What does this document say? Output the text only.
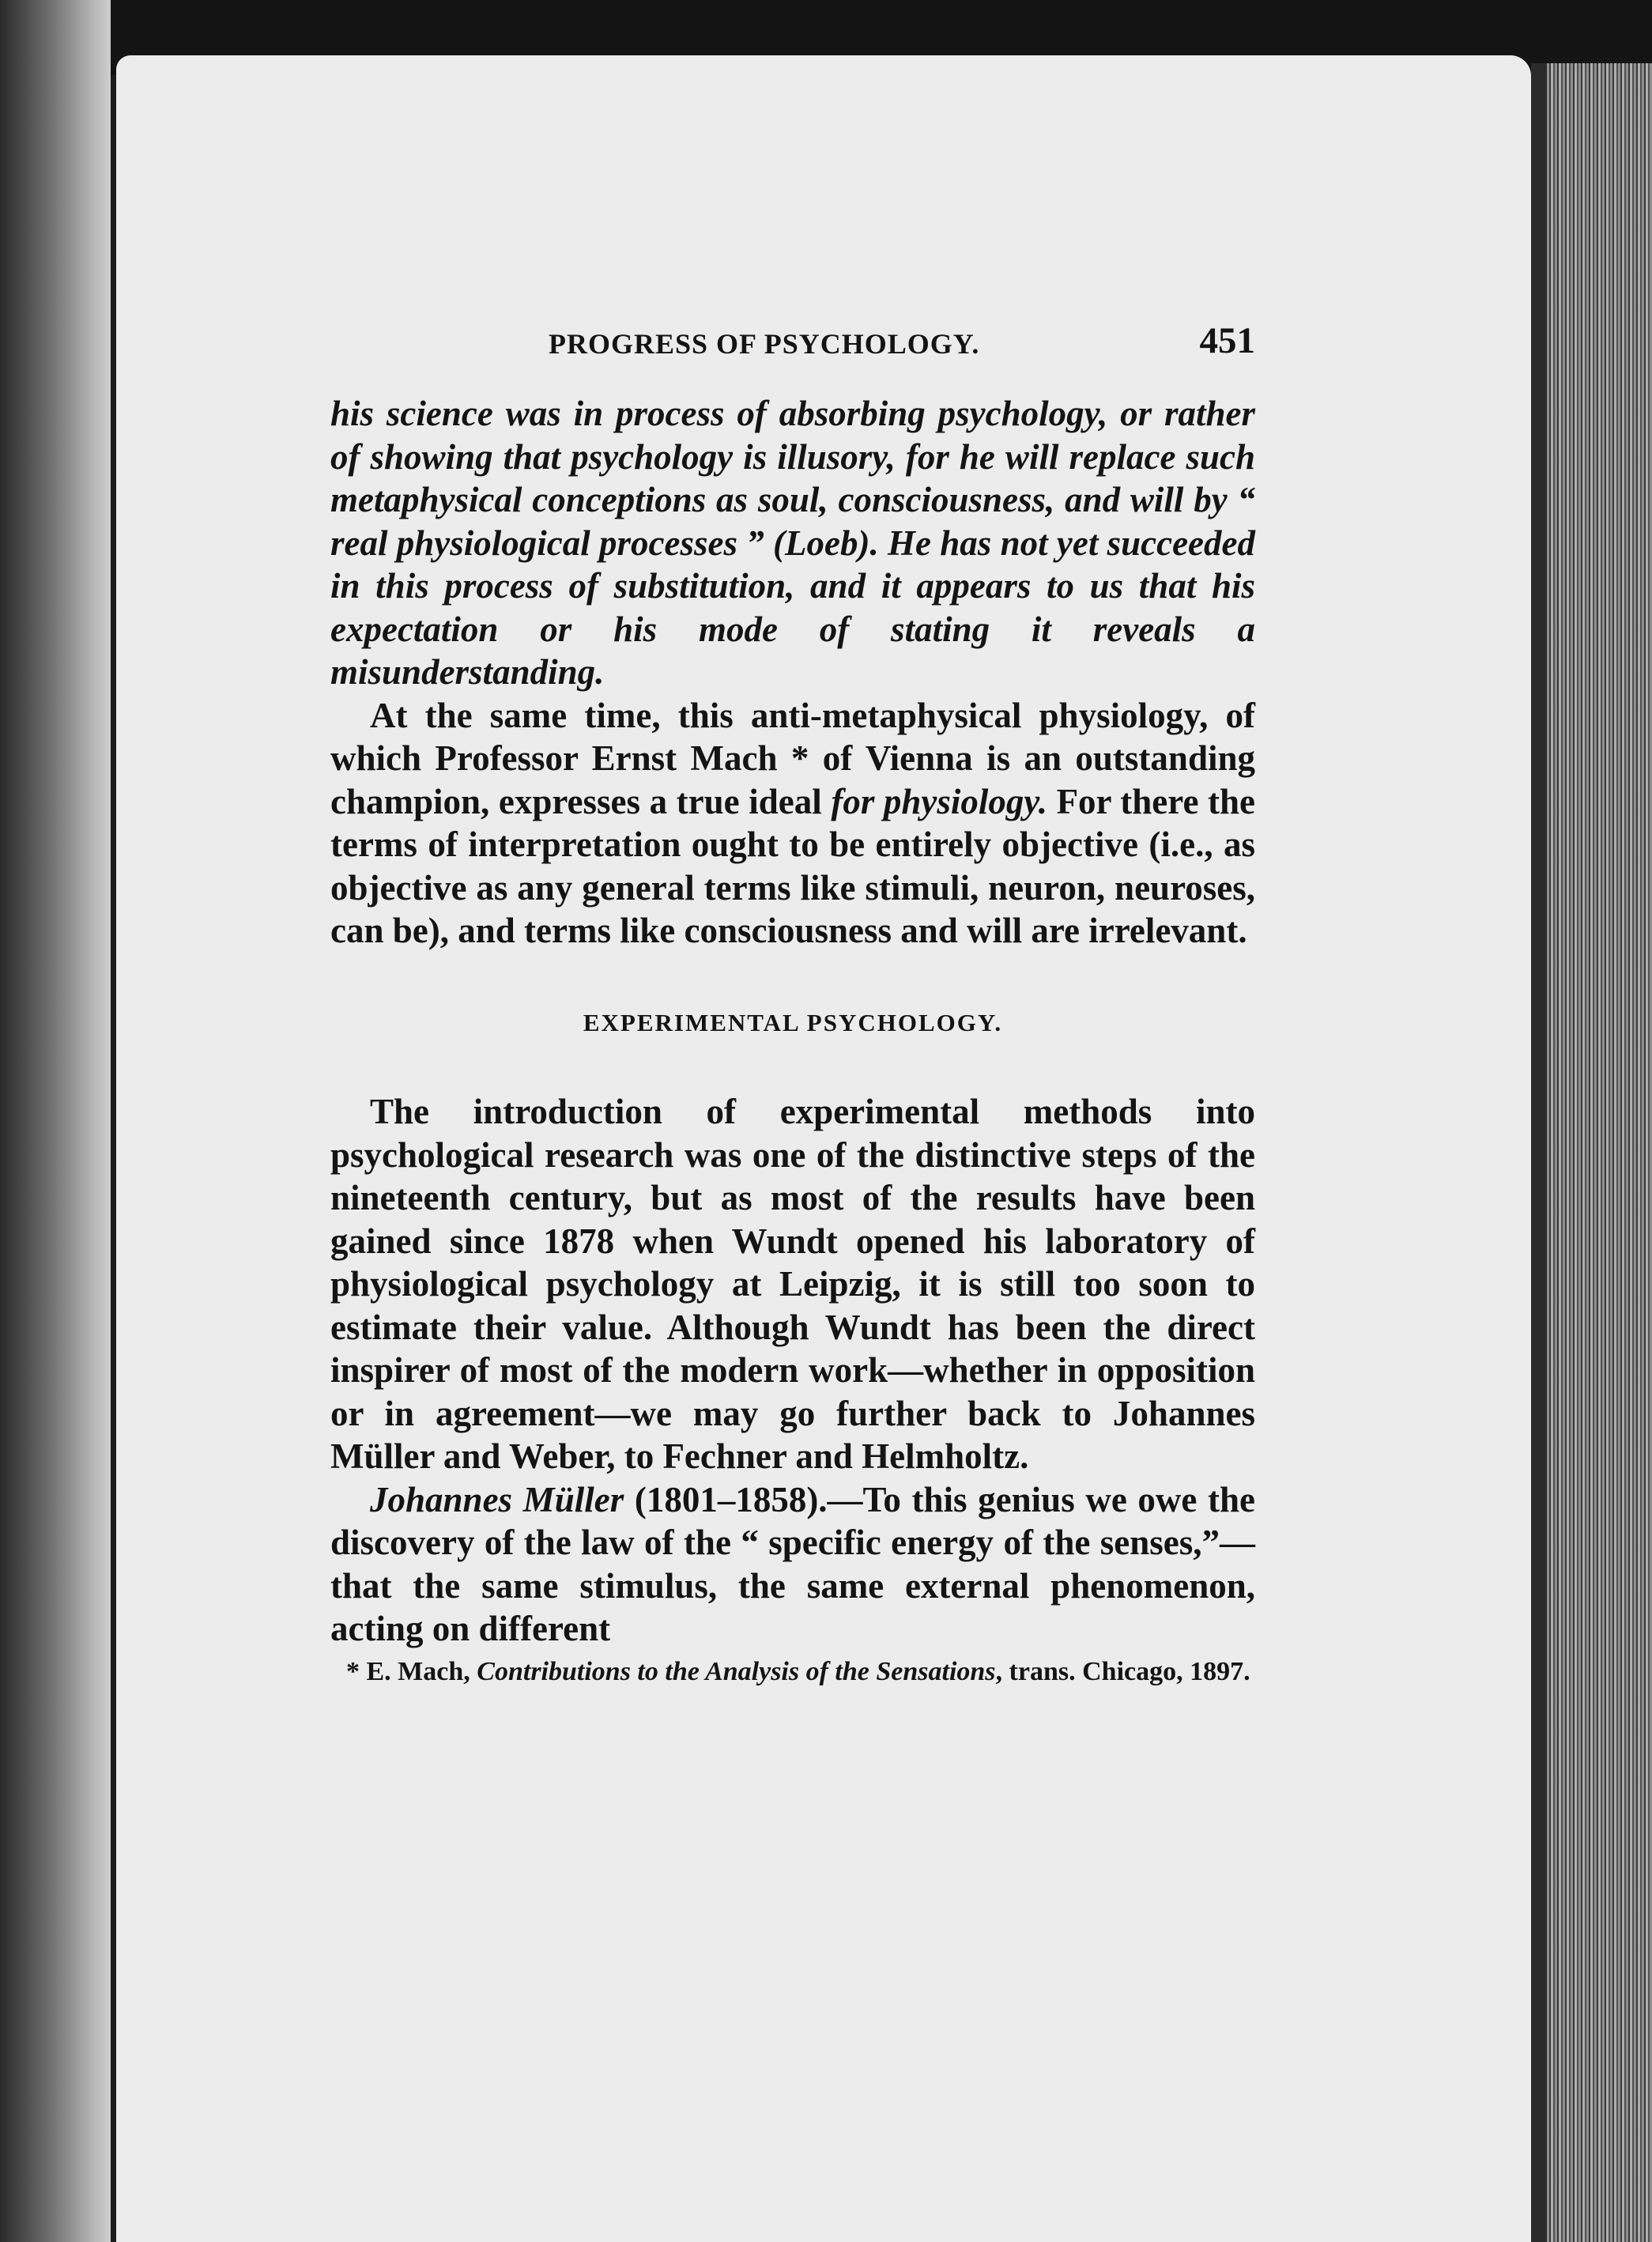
PROGRESS OF PSYCHOLOGY.	451

his science was in process of absorbing psychology, or rather of showing that psychology is illusory, for he will replace such metaphysical conceptions as soul, consciousness, and will by “ real physiological processes ” (Loeb). He has not yet succeeded in this process of substitution, and it appears to us that his expectation or his mode of stating it reveals a misunderstanding.

At the same time, this anti-metaphysical physiology, of which Professor Ernst Mach * of Vienna is an outstanding champion, expresses a true ideal for physiology. For there the terms of interpretation ought to be entirely objective (i.e., as objective as any general terms like stimuli, neuron, neuroses, can be), and terms like consciousness and will are irrelevant.

EXPERIMENTAL PSYCHOLOGY.

The introduction of experimental methods into psychological research was one of the distinctive steps of the nineteenth century, but as most of the results have been gained since 1878 when Wundt opened his laboratory of physiological psychology at Leipzig, it is still too soon to estimate their value. Although Wundt has been the direct inspirer of most of the modern work—whether in opposition or in agreement—we may go further back to Johannes Müller and Weber, to Fechner and Helmholtz.

Johannes Müller (1801–1858).—To this genius we owe the discovery of the law of the “ specific energy of the senses,”—that the same stimulus, the same external phenomenon, acting on different

* E. Mach, Contributions to the Analysis of the Sensations, trans. Chicago, 1897.
